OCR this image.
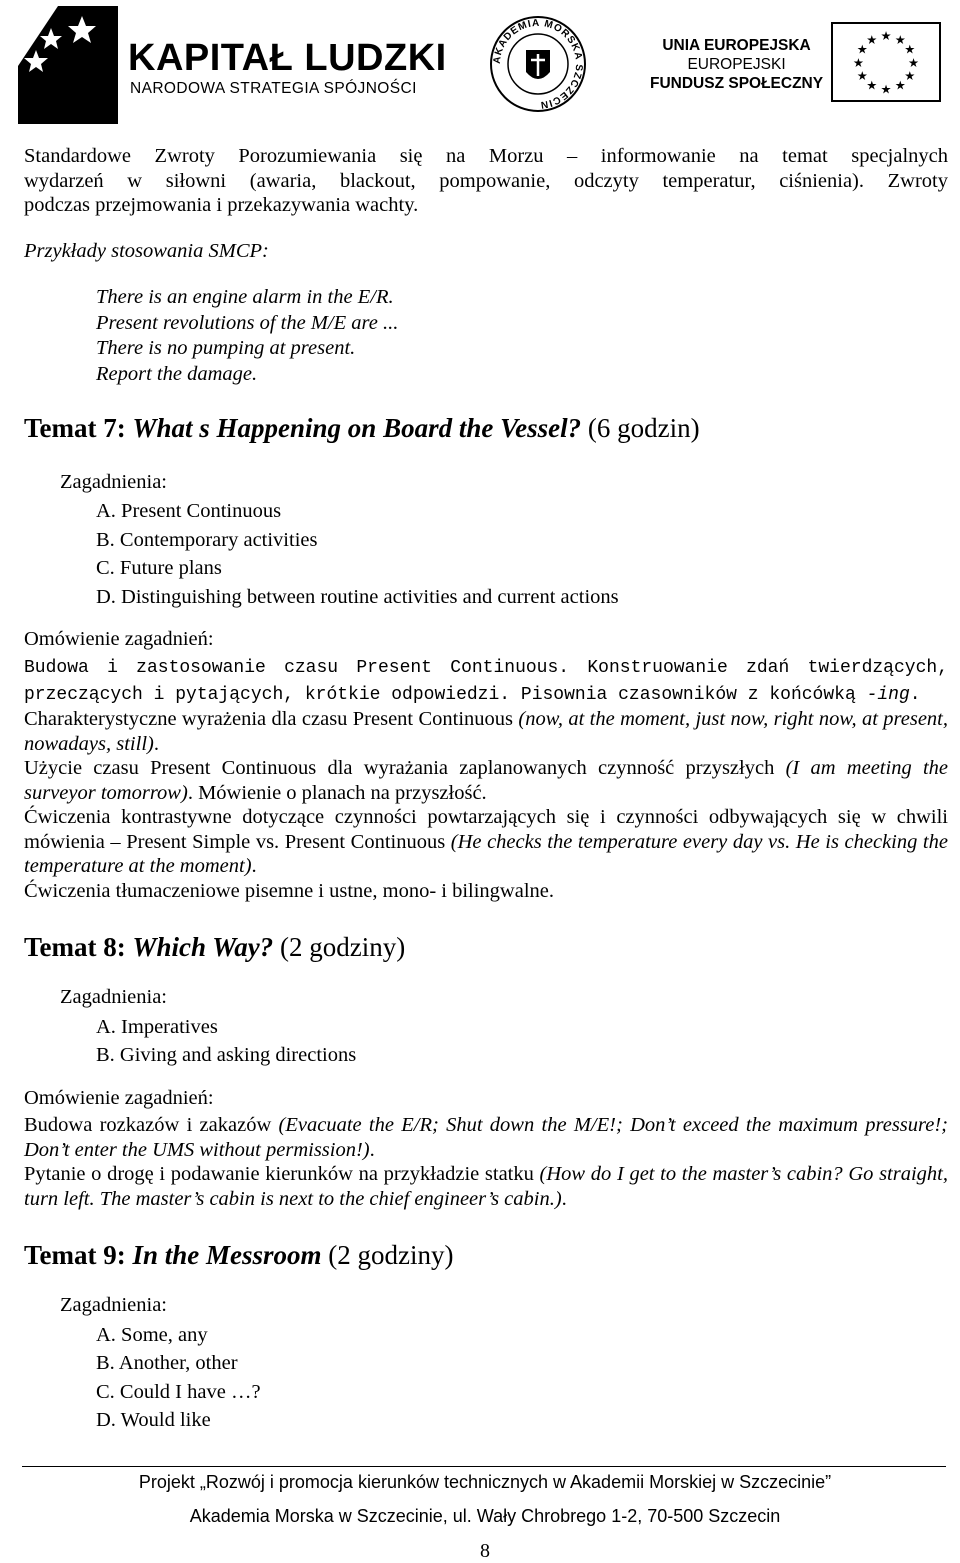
KAPITAŁ LUDZKI
NARODOWA STRATEGIA SPÓJNOŚCI
AKADEMIA MORSKA SZCZECIN
UNIA EUROPEJSKA
EUROPEJSKI
FUNDUSZ SPOŁECZNY
★ ★
★
★
★
★
★
★
★
★
★
★

Standardowe Zwroty Porozumiewania się na Morzu – informowanie na temat specjalnych

wydarzeń w siłowni (awaria, blackout, pompowanie, odczyty temperatur, ciśnienia). Zwroty

podczas przejmowania i przekazywania wachty.

Przykłady stosowania SMCP:

There is an engine alarm in the E/R.
Present revolutions of the M/E are ...
There is no pumping at present.
Report the damage.

Temat 7: What s Happening on Board the Vessel? (6 godzin)

Zagadnienia:

A. Present Continuous
B. Contemporary activities
C. Future plans
D. Distinguishing between routine activities and current actions

Omówienie zagadnień:

Budowa i zastosowanie czasu Present Continuous. Konstruowanie zdań twierdzących, przeczących i pytających, krótkie odpowiedzi. Pisownia czasowników z końcówką -ing.

Charakterystyczne wyrażenia dla czasu Present Continuous (now, at the moment, just now, right now, at present, nowadays, still).

Użycie czasu Present Continuous dla wyrażania zaplanowanych czynność przyszłych (I am meeting the surveyor tomorrow). Mówienie o planach na przyszłość.

Ćwiczenia kontrastywne dotyczące czynności powtarzających się i czynności odbywających się w chwili mówienia – Present Simple vs. Present Continuous (He checks the temperature every day vs. He is checking the temperature at the moment).

Ćwiczenia tłumaczeniowe pisemne i ustne, mono- i bilingwalne.

Temat 8: Which Way? (2 godziny)

Zagadnienia:

A. Imperatives
B. Giving and asking directions

Omówienie zagadnień:

Budowa rozkazów i zakazów (Evacuate the E/R; Shut down the M/E!; Don’t exceed the maximum pressure!; Don’t enter the UMS without permission!).

Pytanie o drogę i podawanie kierunków na przykładzie statku (How do I get to the master’s cabin? Go straight, turn left. The master’s cabin is next to the chief engineer’s cabin.).

Temat 9: In the Messroom (2 godziny)

Zagadnienia:

A. Some, any
B. Another, other
C. Could I have …?
D. Would like
Projekt „Rozwój i promocja kierunków technicznych w Akademii Morskiej w Szczecinie”
Akademia Morska w Szczecinie, ul. Wały Chrobrego 1-2, 70-500 Szczecin
8
